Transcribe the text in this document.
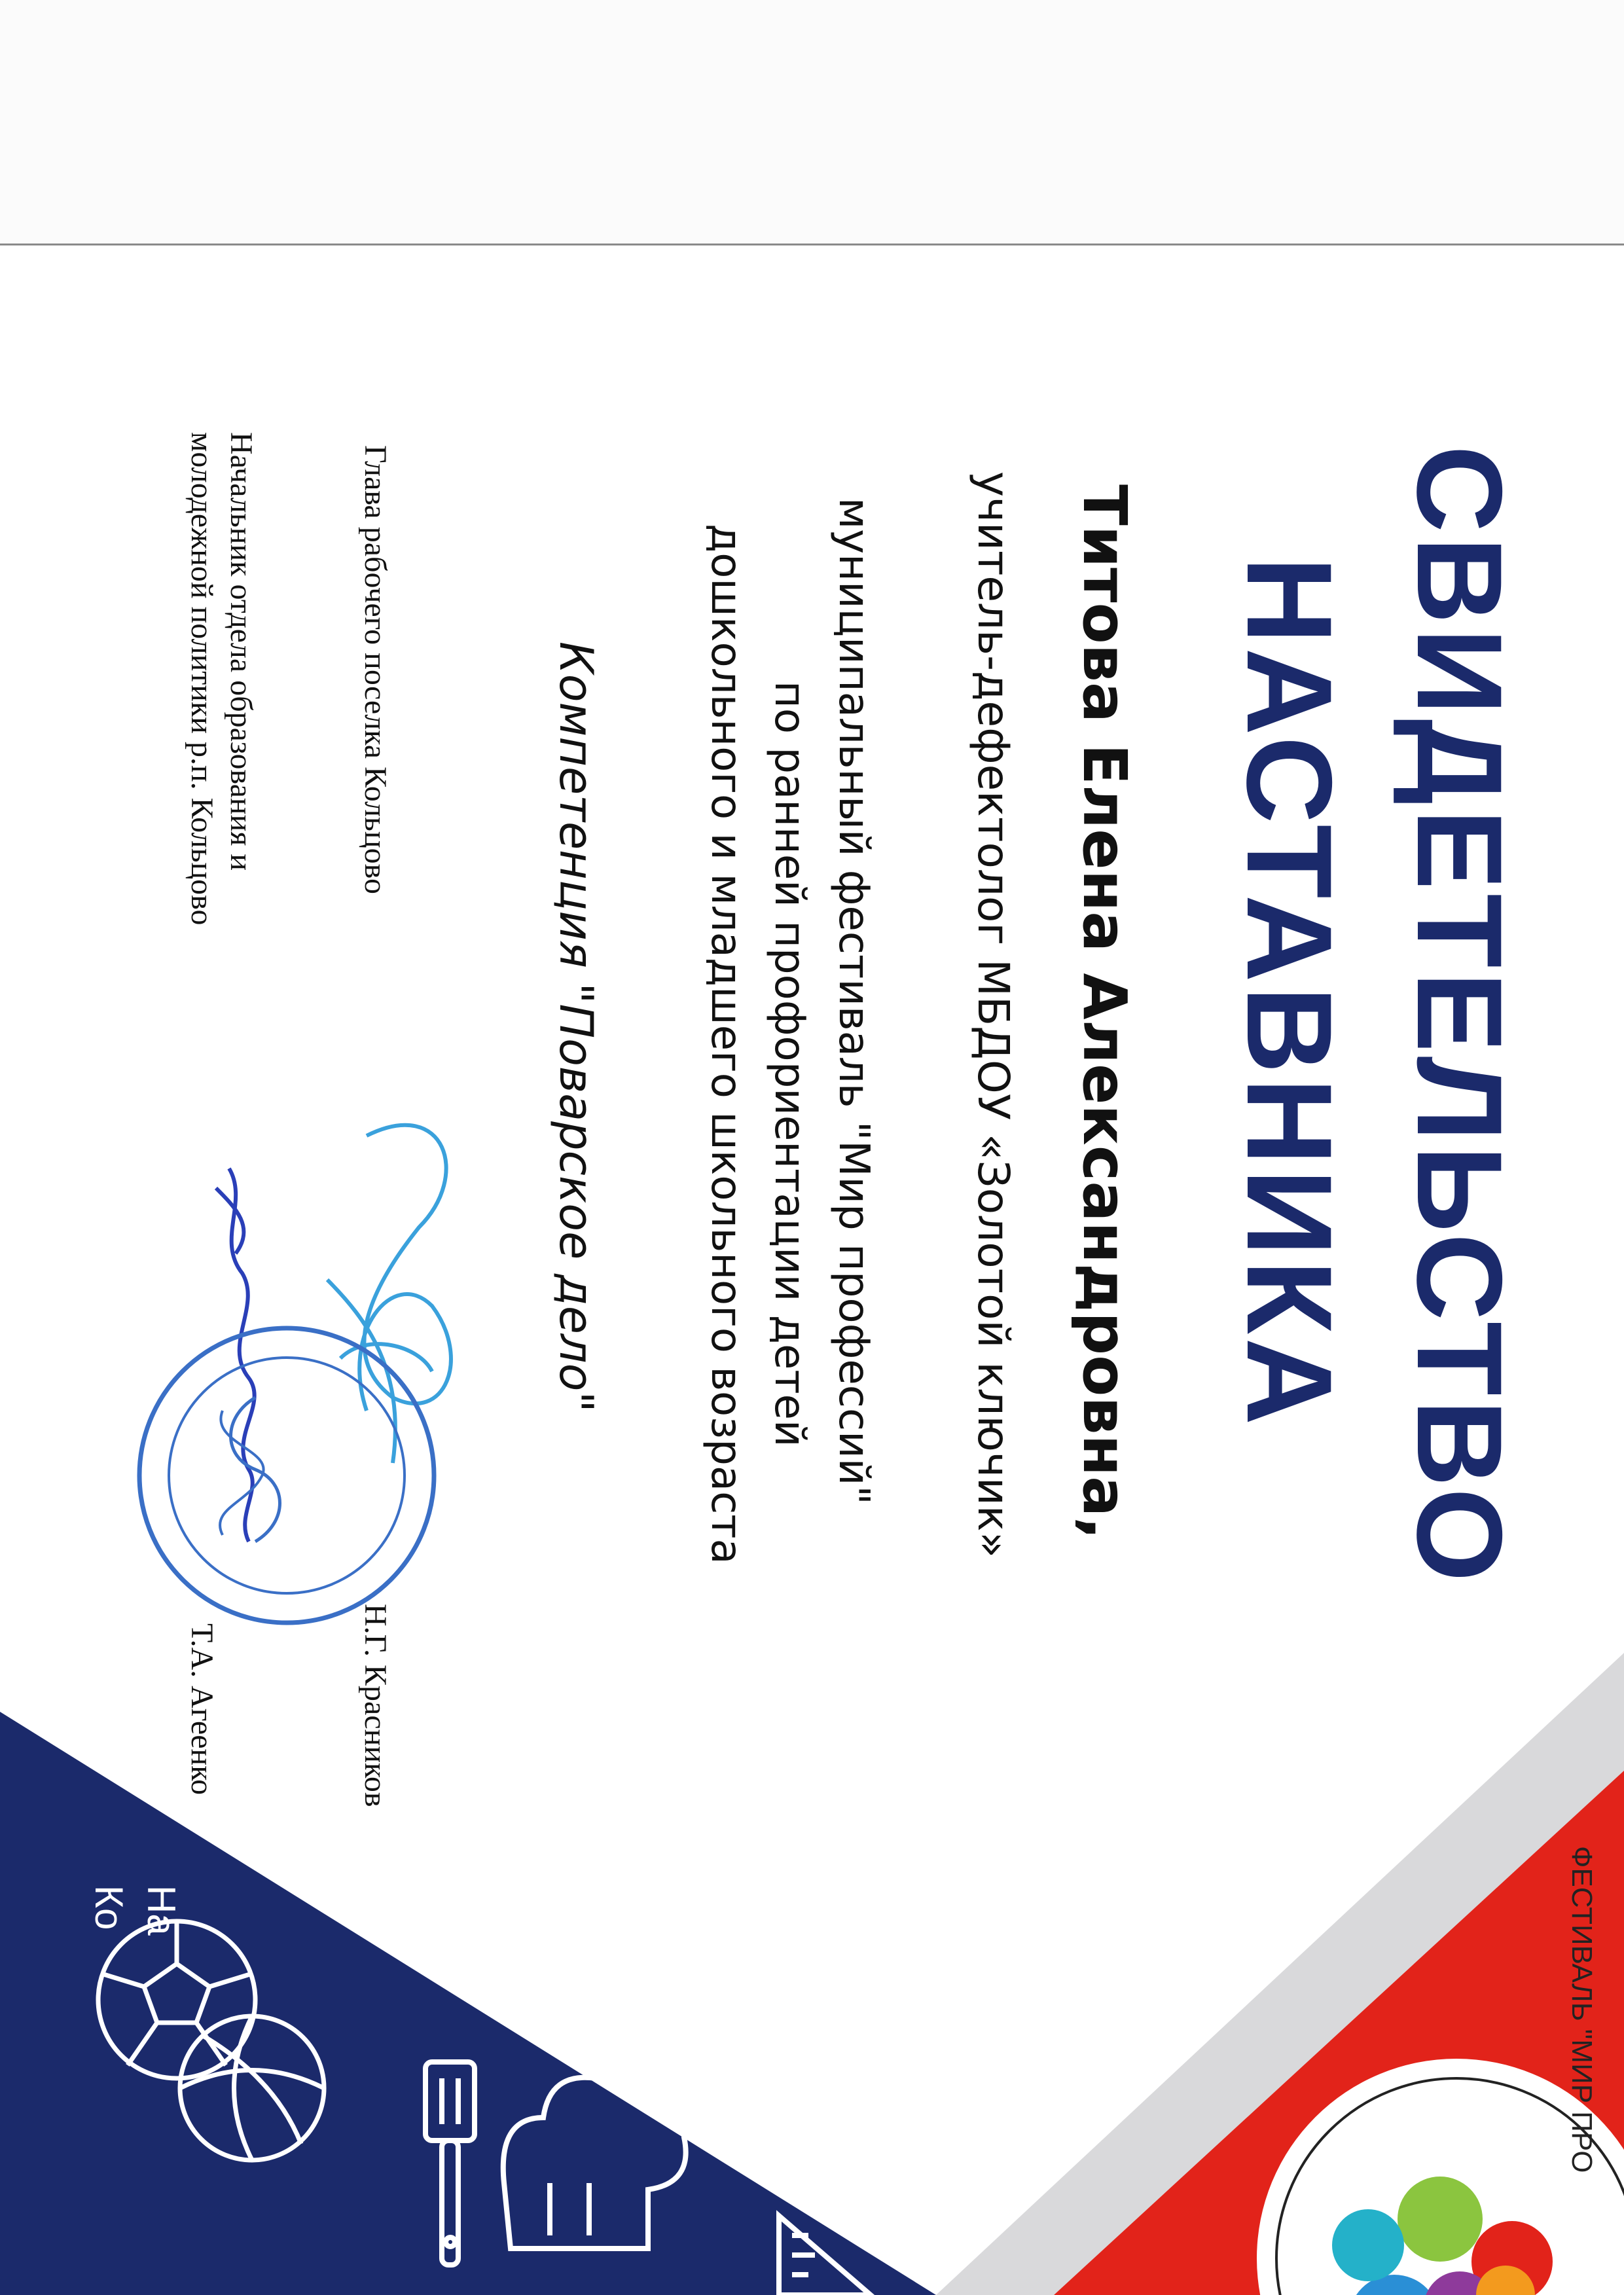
СВИДЕТЕЛЬСТВО
НАСТАВНИКА
Титова Елена Александровна,
учитель-дефектолог МБДОУ «Золотой ключик»
муниципальный фестиваль "Мир профессий"
по ранней профориентации детей
дошкольного и младшего школьного возраста
Компетенция "Поварское дело"
Глава рабочего поселка Кольцово
Н.Г. Красников
Начальник отдела образования и
молодежной политики р.п. Кольцово
Т.А. Агеенко
ФЕСТИВАЛЬ "МИР ПРО
На
Ко
